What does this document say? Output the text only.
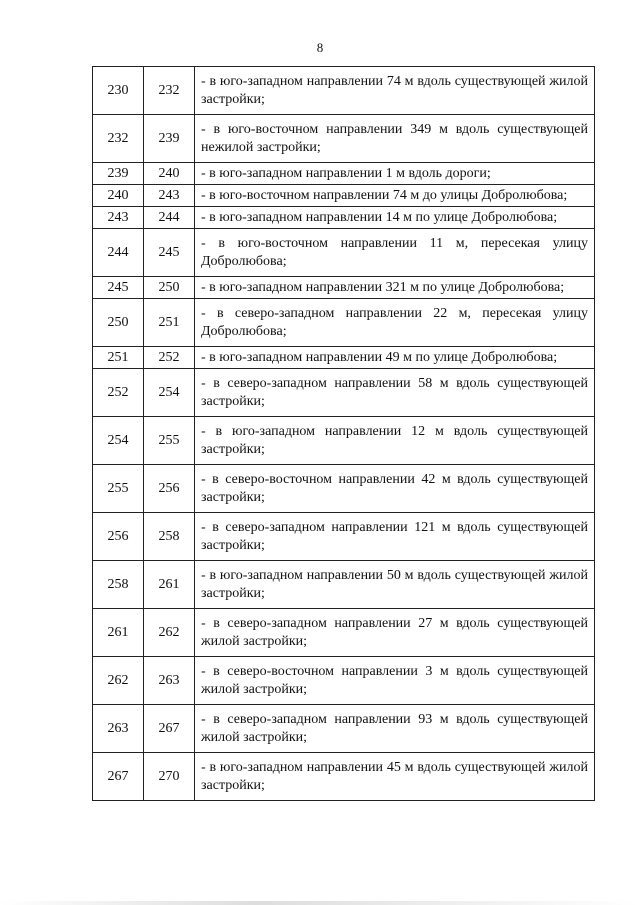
8
230	232	- в юго-западном направлении 74 м вдоль существующей жилой застройки;
232	239	- в юго-восточном направлении 349 м вдоль существующей нежилой застройки;
239	240	- в юго-западном направлении 1 м вдоль дороги;
240	243	- в юго-восточном направлении 74 м до улицы Добролюбова;
243	244	- в юго-западном направлении 14 м по улице Добролюбова;
244	245	- в юго-восточном направлении 11 м, пересекая улицу Добролюбова;
245	250	- в юго-западном направлении 321 м по улице Добролюбова;
250	251	- в северо-западном направлении 22 м, пересекая улицу Добролюбова;
251	252	- в юго-западном направлении 49 м по улице Добролюбова;
252	254	- в северо-западном направлении 58 м вдоль существующей застройки;
254	255	- в юго-западном направлении 12 м вдоль существующей застройки;
255	256	- в северо-восточном направлении 42 м вдоль существующей застройки;
256	258	- в северо-западном направлении 121 м вдоль существующей застройки;
258	261	- в юго-западном направлении 50 м вдоль существующей жилой застройки;
261	262	- в северо-западном направлении 27 м вдоль существующей жилой застройки;
262	263	- в северо-восточном направлении 3 м вдоль существующей жилой застройки;
263	267	- в северо-западном направлении 93 м вдоль существующей жилой застройки;
267	270	- в юго-западном направлении 45 м вдоль существующей жилой застройки;
